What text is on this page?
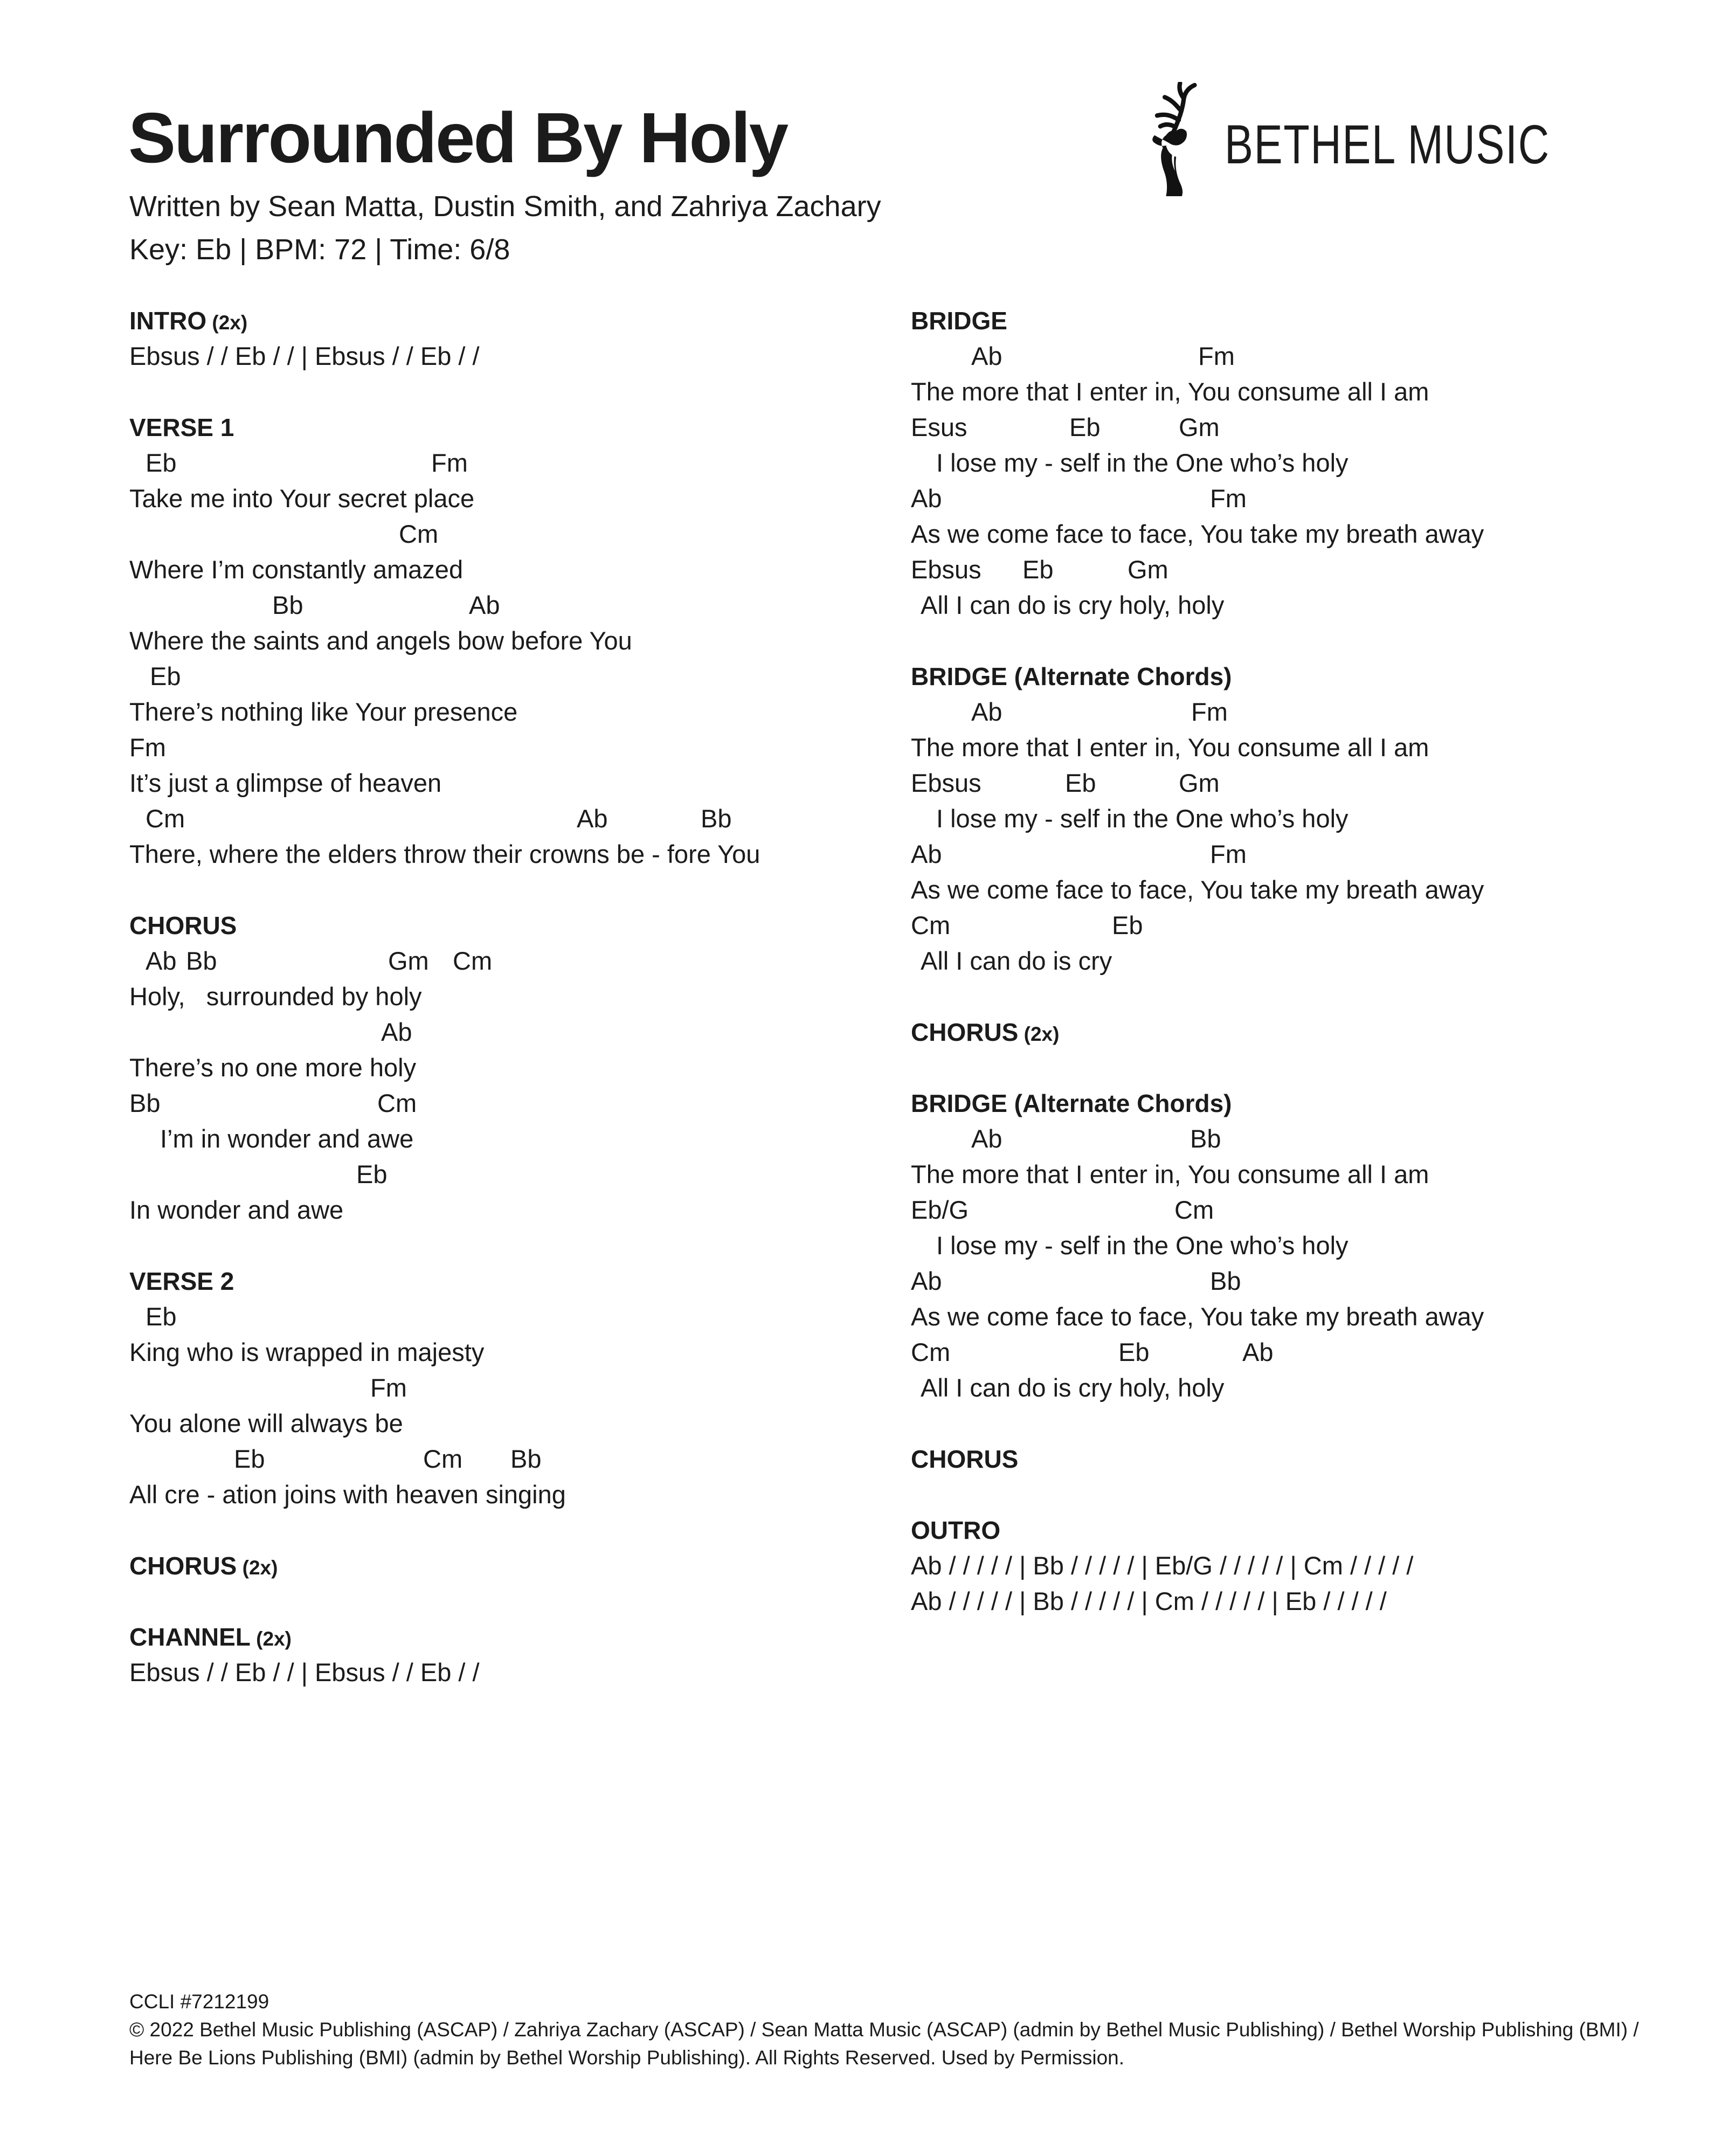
Surrounded By Holy
Written by Sean Matta, Dustin Smith, and Zahriya Zachary
Key: Eb | BPM: 72 | Time: 6/8
BETHEL MUSIC
INTRO (2x)
Ebsus / / Eb / / | Ebsus / / Eb / /
VERSE 1
Eb	Fm
Take me into Your secret place
Cm
Where I’m constantly amazed
Bb	Ab
Where the saints and angels bow before You
Eb
There’s nothing like Your presence
Fm
It’s just a glimpse of heaven
Cm	Ab	Bb
There, where the elders throw their crowns be - fore You
CHORUS
Ab Bb	Gm Cm
Holy,   surrounded by holy
Ab
There’s no one more holy
Bb	Cm
I’m in wonder and awe
Eb
In wonder and awe
VERSE 2
Eb
King who is wrapped in majesty
Fm
You alone will always be
Eb	Cm Bb
All cre - ation joins with heaven singing
CHORUS (2x)
CHANNEL (2x)
Ebsus / / Eb / / | Ebsus / / Eb / /
BRIDGE
Ab	Fm
The more that I enter in, You consume all I am
Esus	Eb	Gm
I lose my - self in the One who’s holy
Ab	Fm
As we come face to face, You take my breath away
Ebsus Eb	Gm
All I can do is cry holy, holy
BRIDGE (Alternate Chords)
Ab	Fm
The more that I enter in, You consume all I am
Ebsus	Eb	Gm
I lose my - self in the One who’s holy
Ab	Fm
As we come face to face, You take my breath away
Cm	Eb
All I can do is cry
CHORUS (2x)
BRIDGE (Alternate Chords)
Ab	Bb
The more that I enter in, You consume all I am
Eb/G	Cm
I lose my - self in the One who’s holy
Ab	Bb
As we come face to face, You take my breath away
Cm	Eb	Ab
All I can do is cry holy, holy
CHORUS
OUTRO
Ab / / / / / | Bb / / / / / | Eb/G / / / / / | Cm / / / / /
Ab / / / / / | Bb / / / / / | Cm / / / / / | Eb / / / / /
CCLI #7212199
© 2022 Bethel Music Publishing (ASCAP) / Zahriya Zachary (ASCAP) / Sean Matta Music (ASCAP) (admin by Bethel Music Publishing) / Bethel Worship Publishing (BMI) /
Here Be Lions Publishing (BMI) (admin by Bethel Worship Publishing). All Rights Reserved. Used by Permission.
